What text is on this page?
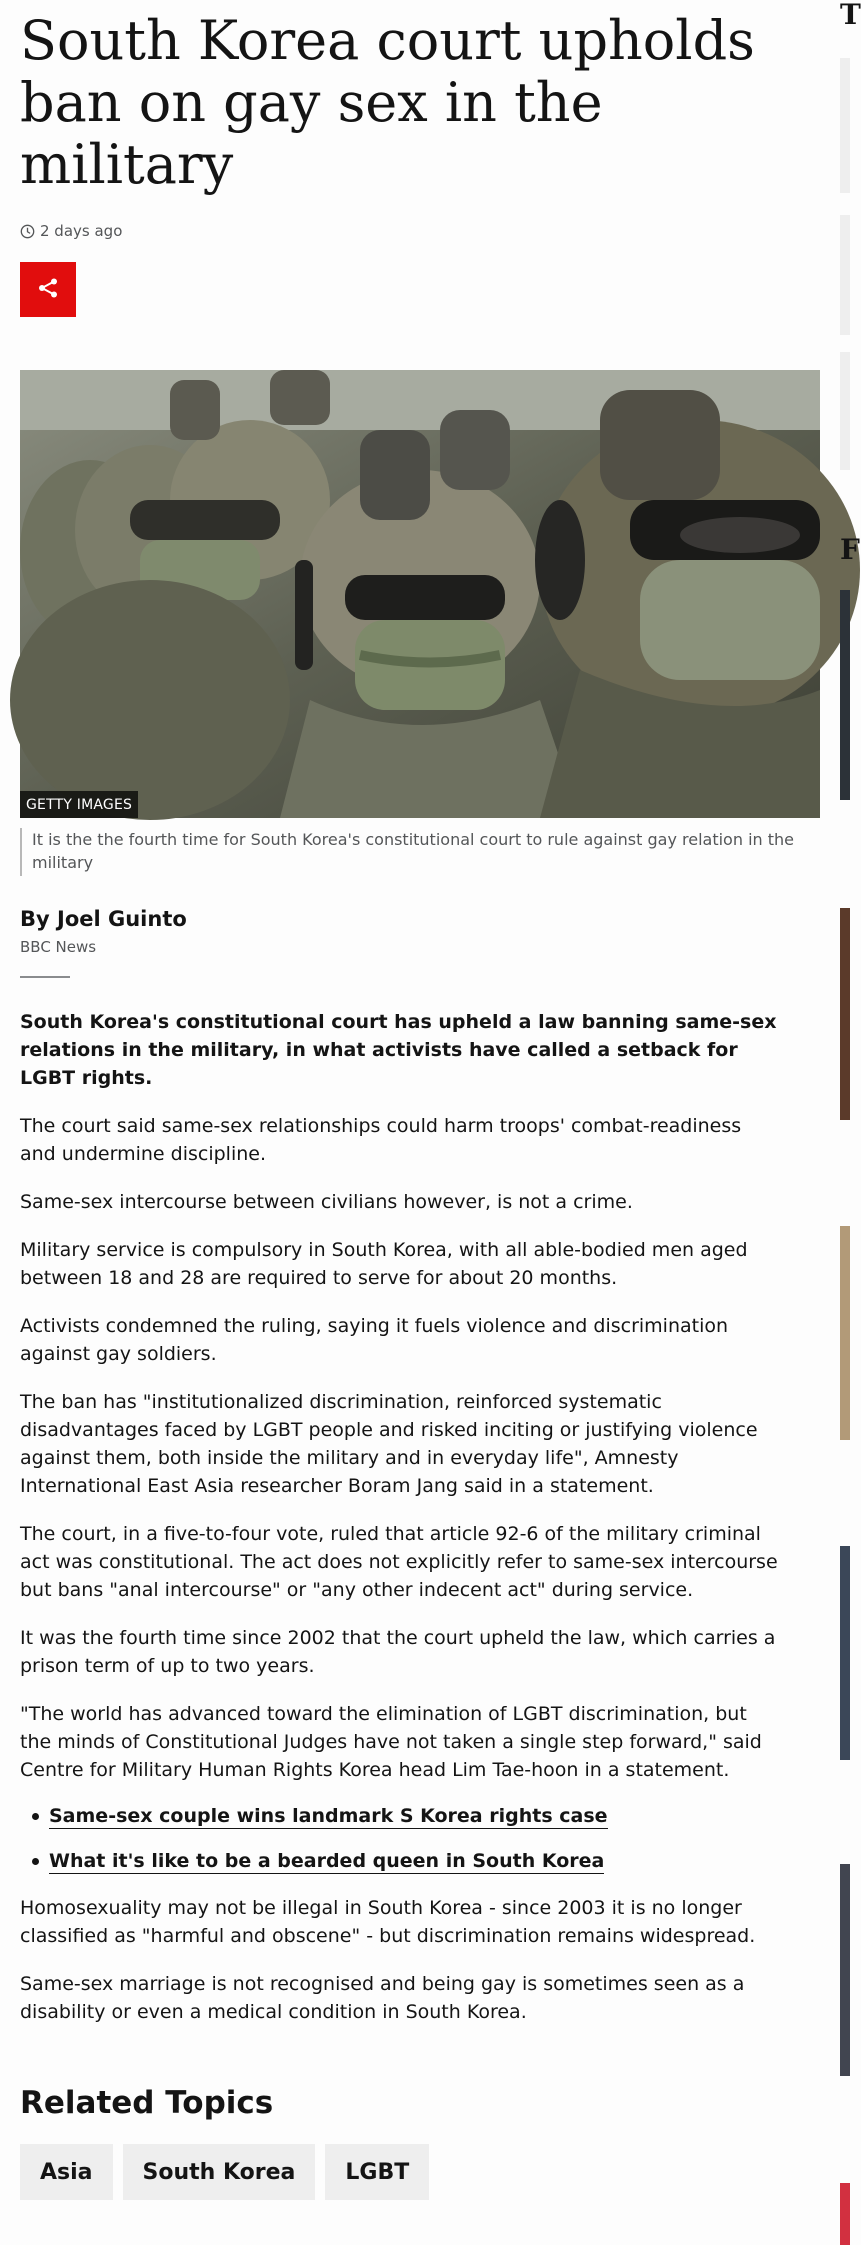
South Korea court upholds ban on gay sex in the military
2 days ago
GETTY IMAGES

It is the the fourth time for South Korea's constitutional court to rule against gay relation in the military

By Joel Guinto
BBC News

South Korea's constitutional court has upheld a law banning same-sex relations in the military, in what activists have called a setback for LGBT rights.

The court said same-sex relationships could harm troops' combat-readiness and undermine discipline.

Same-sex intercourse between civilians however, is not a crime.

Military service is compulsory in South Korea, with all able-bodied men aged between 18 and 28 are required to serve for about 20 months.

Activists condemned the ruling, saying it fuels violence and discrimination against gay soldiers.

The ban has "institutionalized discrimination, reinforced systematic disadvantages faced by LGBT people and risked inciting or justifying violence against them, both inside the military and in everyday life", Amnesty International East Asia researcher Boram Jang said in a statement.

The court, in a five-to-four vote, ruled that article 92-6 of the military criminal act was constitutional. The act does not explicitly refer to same-sex intercourse but bans "anal intercourse" or "any other indecent act" during service.

It was the fourth time since 2002 that the court upheld the law, which carries a prison term of up to two years.

"The world has advanced toward the elimination of LGBT discrimination, but the minds of Constitutional Judges have not taken a single step forward," said Centre for Military Human Rights Korea head Lim Tae-hoon in a statement.

Same-sex couple wins landmark S Korea rights case
What it's like to be a bearded queen in South Korea

Homosexuality may not be illegal in South Korea - since 2003 it is no longer classified as "harmful and obscene" - but discrimination remains widespread.

Same-sex marriage is not recognised and being gay is sometimes seen as a disability or even a medical condition in South Korea.

Related Topics
Asia	South Korea	LGBT
T
F
